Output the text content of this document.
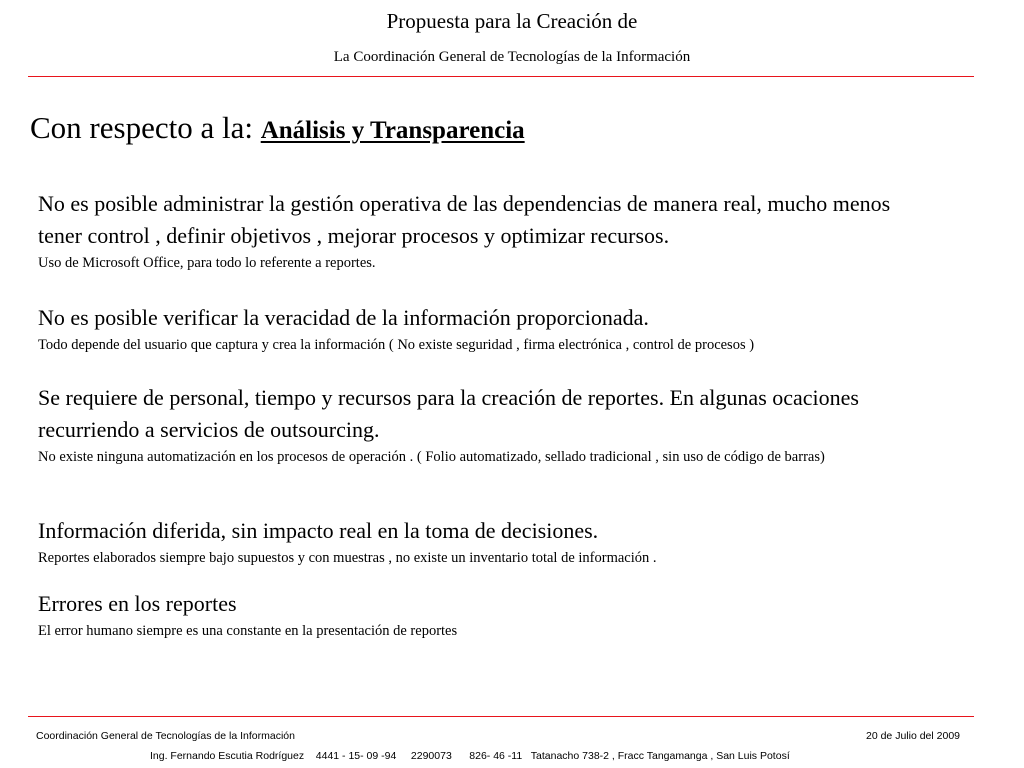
Propuesta para la Creación de
La Coordinación General de Tecnologías de la Información
Con respecto a la: Análisis y Transparencia
No es posible administrar la gestión operativa de las dependencias de manera real, mucho menos tener control , definir objetivos , mejorar procesos y optimizar recursos.
Uso de Microsoft Office, para todo lo referente a reportes.
No es posible verificar la veracidad de la información proporcionada.
Todo depende del usuario que captura y crea la información ( No existe seguridad , firma electrónica , control de procesos )
Se requiere de personal, tiempo y recursos para la creación de reportes. En algunas ocaciones recurriendo a servicios de outsourcing.
No existe ninguna automatización en los procesos de operación . ( Folio automatizado, sellado tradicional , sin uso de código de barras)
Información diferida, sin impacto real en la toma de decisiones.
Reportes elaborados siempre bajo supuestos y con muestras , no existe un inventario total de información .
Errores en los reportes
El error humano siempre es una constante en la presentación de reportes
Coordinación General de Tecnologías de la Información	20 de Julio del 2009
Ing. Fernando Escutia Rodríguez    4441 - 15- 09 -94     2290073      826- 46 -11   Tatanacho 738-2 , Fracc Tangamanga , San Luis Potosí
